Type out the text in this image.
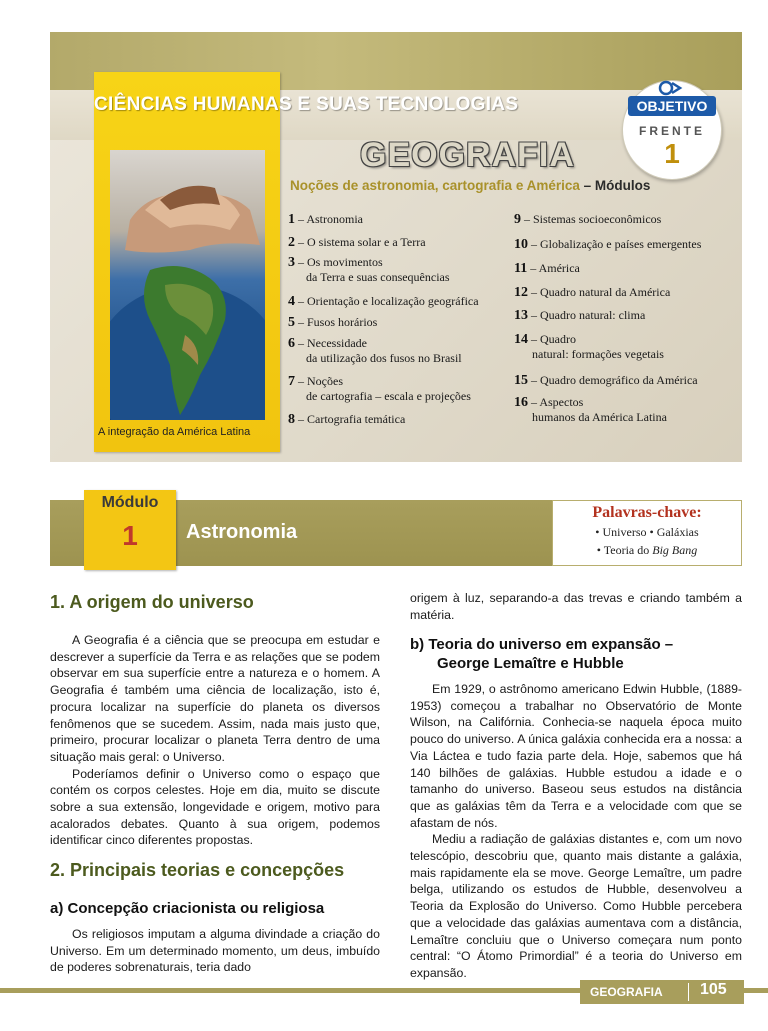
A integração da América Latina
CIÊNCIAS HUMANAS E SUAS TECNOLOGIAS
GEOGRAFIA
Noções de astronomia, cartografia e América – Módulos
OBJETIVO
FRENTE
1
1 – Astronomia
2 – O sistema solar e a Terra
3 – Os movimentos
da Terra e suas consequências
4 – Orientação e localização geográfica
5 – Fusos horários
6 – Necessidade
da utilização dos fusos no Brasil
7 – Noções
de cartografia – escala e projeções
8 – Cartografia temática
9 – Sistemas socioeconômicos
10 – Globalização e países emergentes
11 – América
12 – Quadro natural da América
13 – Quadro natural: clima
14 – Quadro
natural: formações vegetais
15 – Quadro demográfico da América
16 – Aspectos
humanos da América Latina
Módulo
1	Astronomia
Palavras-chave:
• Universo • Galáxias
• Teoria do Big Bang
1. A origem do universo

A Geografia é a ciência que se preocupa em estudar e descrever a superfície da Terra e as relações que se podem observar em sua superfície entre a natureza e o homem. A Geografia é também uma ciência de localização, isto é, procura localizar na superfície do planeta os diversos fenômenos que se sucedem. Assim, nada mais justo que, primeiro, procurar localizar o planeta Terra dentro de uma situação mais geral: o Universo.

Poderíamos definir o Universo como o espaço que contém os corpos celestes. Hoje em dia, muito se discute sobre a sua extensão, longevidade e origem, motivo para acalorados debates. Quanto à sua origem, podemos identificar cinco diferentes propostas.

2. Principais teorias e concepções
a) Concepção criacionista ou religiosa

Os religiosos imputam a alguma divindade a criação do Universo. Em um determinado momento, um deus, imbuído de poderes sobrenaturais, teria dado

origem à luz, separando-a das trevas e criando também a matéria.

b) Teoria do universo em expansão –
George Lemaître e Hubble

Em 1929, o astrônomo americano Edwin Hubble, (1889-1953) começou a trabalhar no Observatório de Monte Wilson, na Califórnia. Conhecia-se naquela época muito pouco do universo. A única galáxia conhecida era a nossa: a Via Láctea e tudo fazia parte dela. Hoje, sabemos que há 140 bilhões de galáxias. Hubble estudou a idade e o tamanho do universo. Baseou seus estudos na distância que as galáxias têm da Terra e a velocidade com que se afastam de nós.

Mediu a radiação de galáxias distantes e, com um novo telescópio, descobriu que, quanto mais distante a galáxia, mais rapidamente ela se move. George Lemaître, um padre belga, utilizando os estudos de Hubble, desenvolveu a Teoria da Explosão do Universo. Como Hubble percebera que a velocidade das galáxias aumentava com a distância, Lemaître concluiu que o Universo começara num ponto central: “O Átomo Primordial” é a teoria do Universo em expansão.

GEOGRAFIA 105
